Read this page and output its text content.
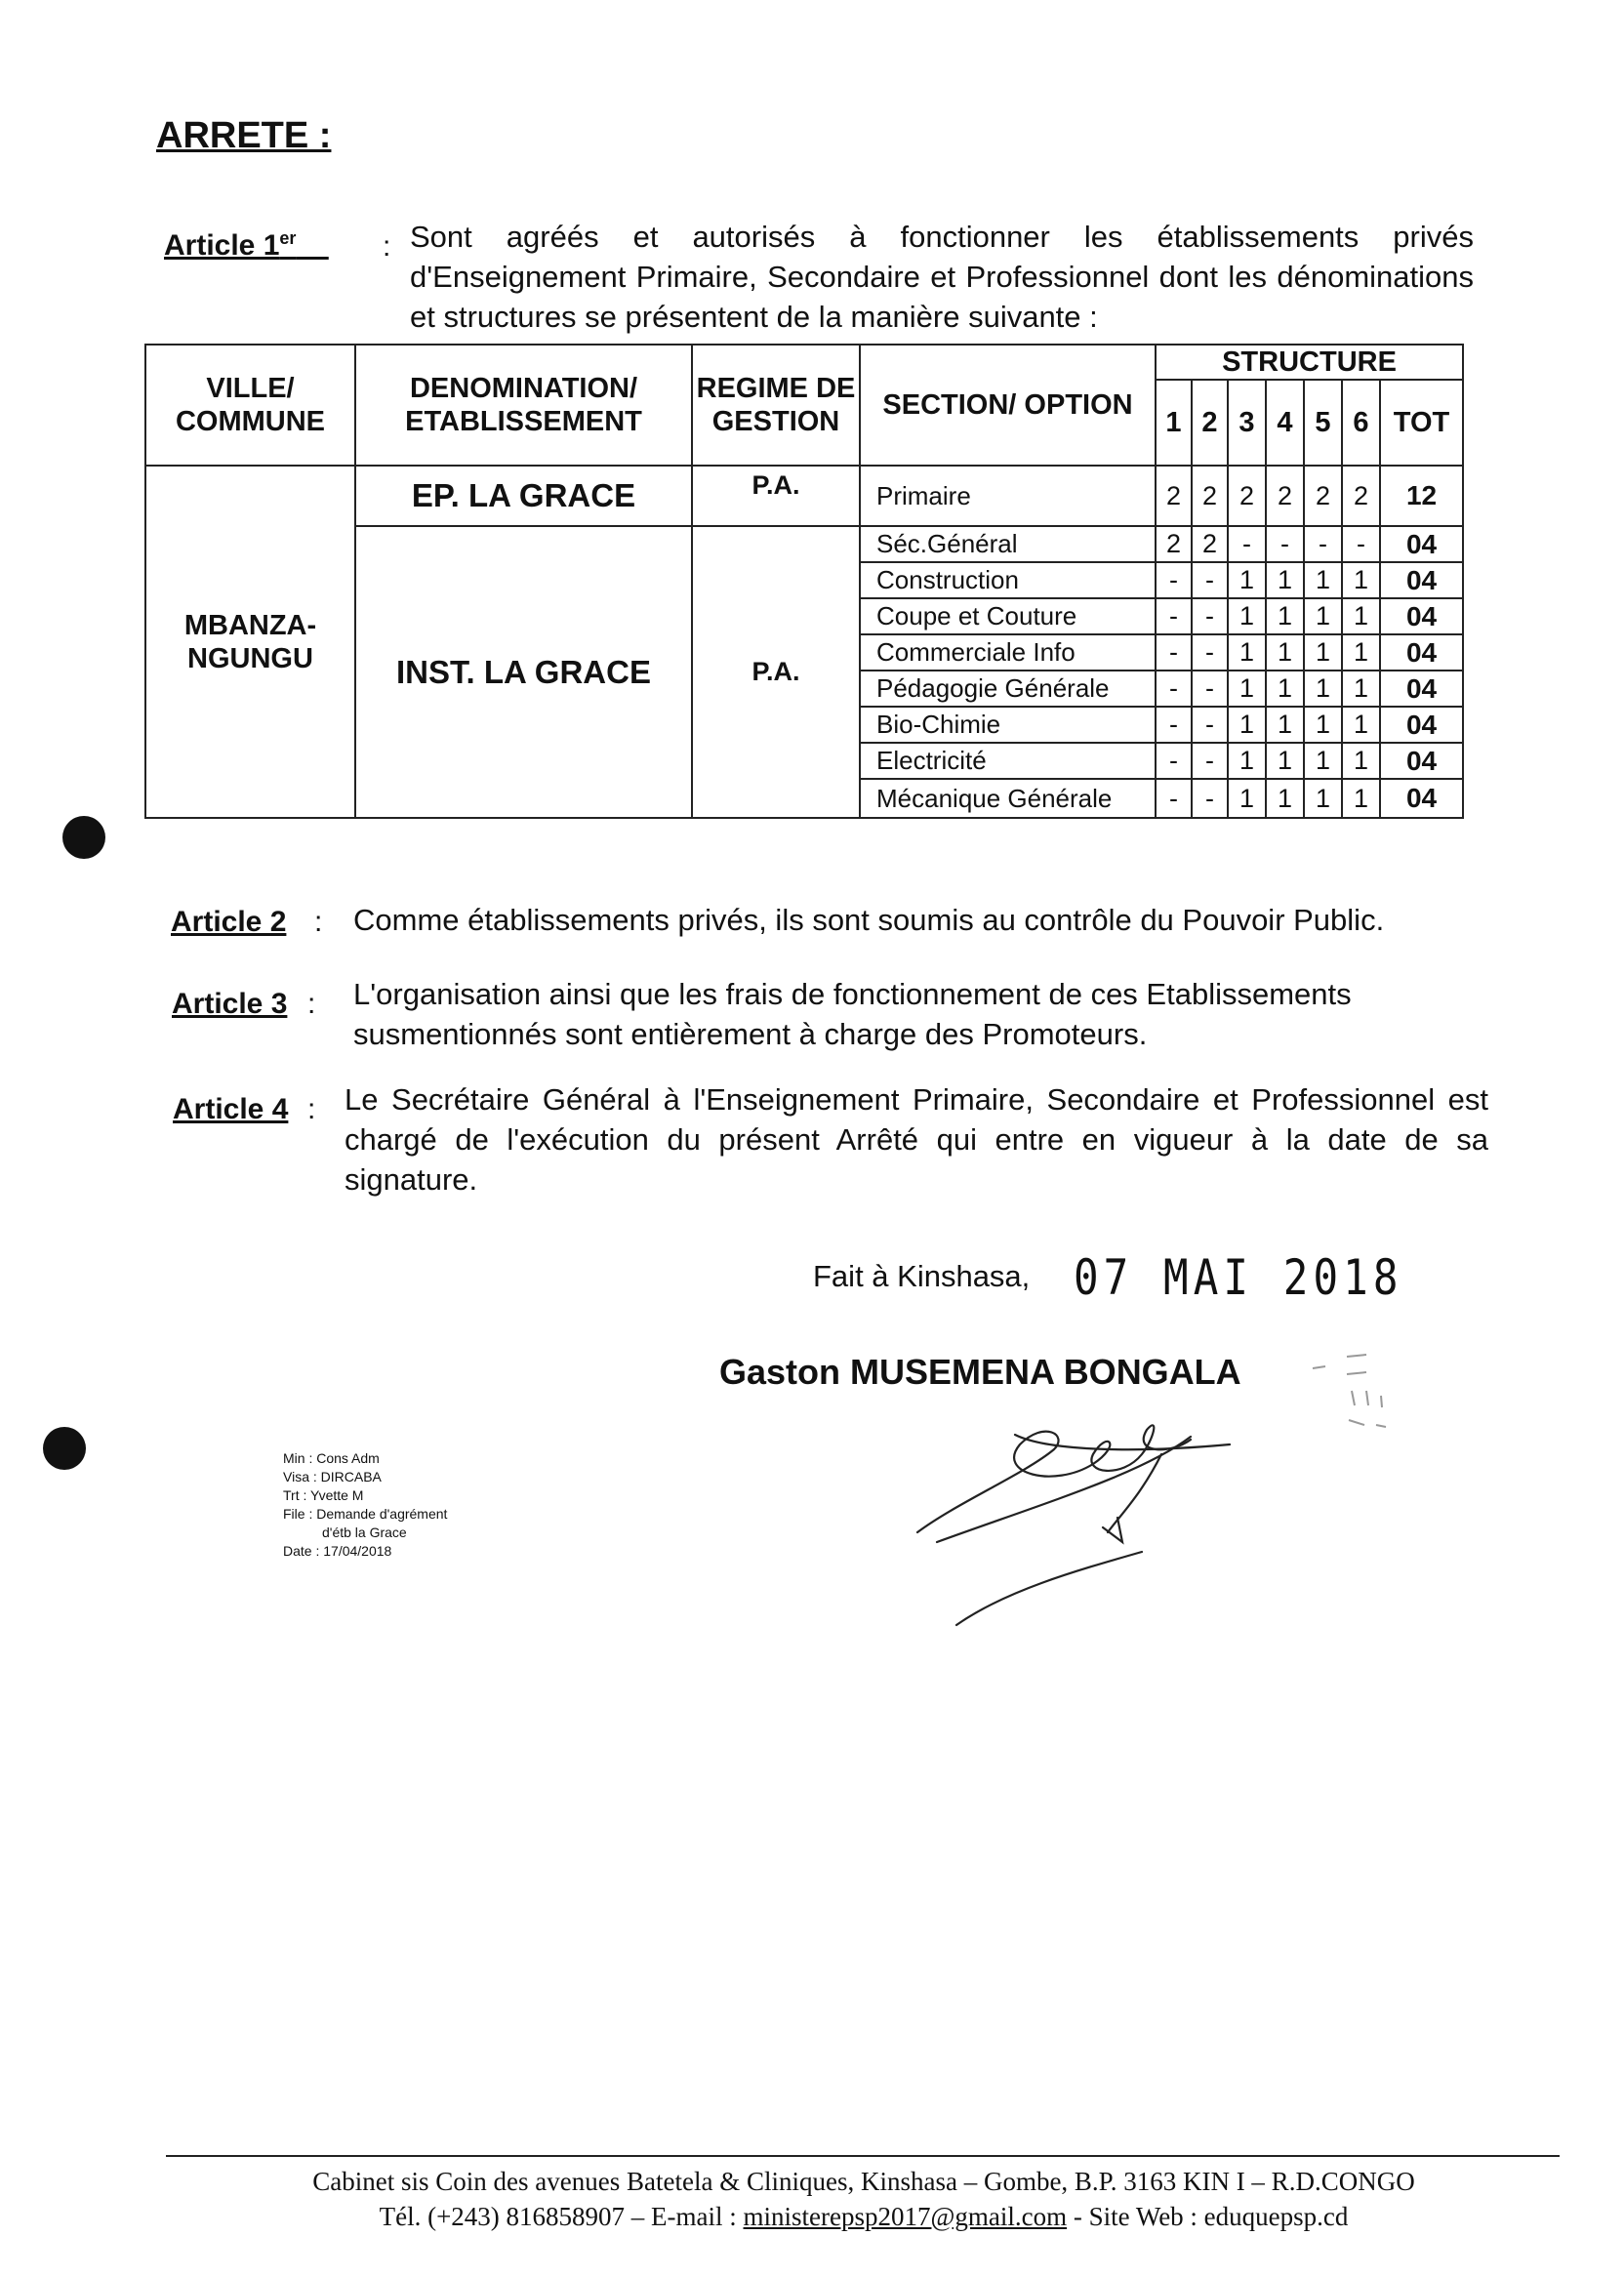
ARRETE :
Article 1er	: Sont agréés et autorisés à fonctionner les établissements privés d'Enseignement Primaire, Secondaire et Professionnel dont les dénominations et structures se présentent de la manière suivante :
VILLE/ COMMUNE	DENOMINATION/ ETABLISSEMENT	REGIME DE GESTION	SECTION/ OPTION	STRUCTURE						
				1	2	3	4	5	6	TOT
MBANZA-NGUNGU	EP. LA GRACE	P.A.	Primaire	2	2	2	2	2	2	12
	INST. LA GRACE	P.A.	Séc.Général	2	2	-	-	-	-	04
			Construction	-	-	1	1	1	1	04
			Coupe et Couture	-	-	1	1	1	1	04
			Commerciale Info	-	-	1	1	1	1	04
			Pédagogie Générale	-	-	1	1	1	1	04
			Bio-Chimie	-	-	1	1	1	1	04
			Electricité	-	-	1	1	1	1	04
			Mécanique Générale	-	-	1	1	1	1	04
Article 2 : Comme établissements privés, ils sont soumis au contrôle du Pouvoir Public.
Article 3 : L'organisation ainsi que les frais de fonctionnement de ces Etablissements susmentionnés sont entièrement à charge des Promoteurs.
Article 4 : Le Secrétaire Général à l'Enseignement Primaire, Secondaire et Professionnel est chargé de l'exécution du présent Arrêté qui entre en vigueur à la date de sa signature.
Fait à Kinshasa, 07 MAI 2018
Gaston MUSEMENA BONGALA
Min : Cons Adm
Visa : DIRCABA
Trt : Yvette M
File : Demande d'agrément
d'étb la Grace
Date : 17/04/2018
Cabinet sis Coin des avenues Batetela & Cliniques, Kinshasa – Gombe, B.P. 3163 KIN I – R.D.CONGO
Tél. (+243) 816858907 – E-mail : ministerepsp2017@gmail.com - Site Web : eduquepsp.cd
